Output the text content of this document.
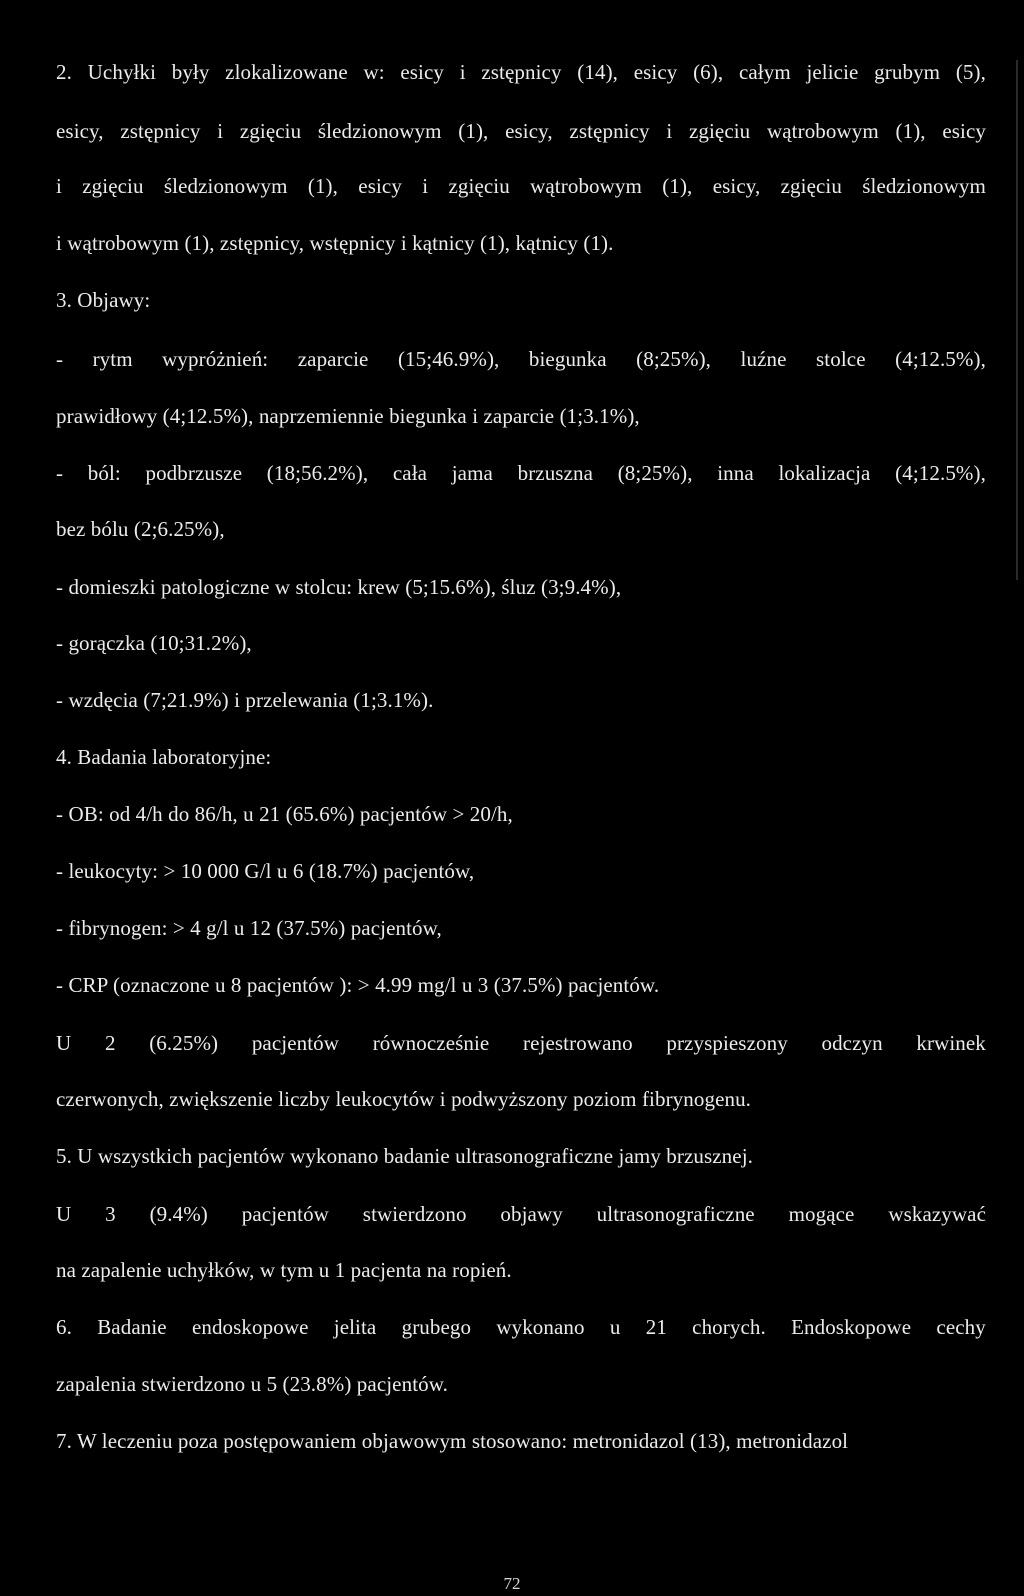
2. Uchyłki były zlokalizowane w: esicy i zstępnicy (14), esicy (6), całym jelicie grubym (5),
esicy, zstępnicy i zgięciu śledzionowym (1), esicy, zstępnicy i zgięciu wątrobowym (1), esicy
i zgięciu śledzionowym (1), esicy i zgięciu wątrobowym (1), esicy, zgięciu śledzionowym
i wątrobowym (1), zstępnicy, wstępnicy i kątnicy (1), kątnicy (1).
3. Objawy:
- rytm wypróżnień: zaparcie (15;46.9%), biegunka (8;25%), luźne stolce (4;12.5%),
prawidłowy (4;12.5%), naprzemiennie biegunka i zaparcie (1;3.1%),
- ból: podbrzusze (18;56.2%), cała jama brzuszna (8;25%), inna lokalizacja (4;12.5%),
bez bólu (2;6.25%),
- domieszki patologiczne w stolcu: krew (5;15.6%), śluz (3;9.4%),
- gorączka (10;31.2%),
- wzdęcia (7;21.9%) i przelewania (1;3.1%).
4. Badania laboratoryjne:
- OB: od 4/h do 86/h, u 21 (65.6%) pacjentów > 20/h,
- leukocyty: > 10 000 G/l u 6 (18.7%) pacjentów,
- fibrynogen: > 4 g/l u 12 (37.5%) pacjentów,
- CRP (oznaczone u 8 pacjentów ): > 4.99 mg/l u 3 (37.5%) pacjentów.
U 2 (6.25%) pacjentów równocześnie rejestrowano przyspieszony odczyn krwinek
czerwonych, zwiększenie liczby leukocytów i podwyższony poziom fibrynogenu.
5. U wszystkich pacjentów wykonano badanie ultrasonograficzne jamy brzusznej.
U 3 (9.4%) pacjentów stwierdzono objawy ultrasonograficzne mogące wskazywać
na zapalenie uchyłków, w tym u 1 pacjenta na ropień.
6. Badanie endoskopowe jelita grubego wykonano u 21 chorych. Endoskopowe cechy
zapalenia stwierdzono u 5 (23.8%) pacjentów.
7. W leczeniu poza postępowaniem objawowym stosowano: metronidazol (13), metronidazol
72
